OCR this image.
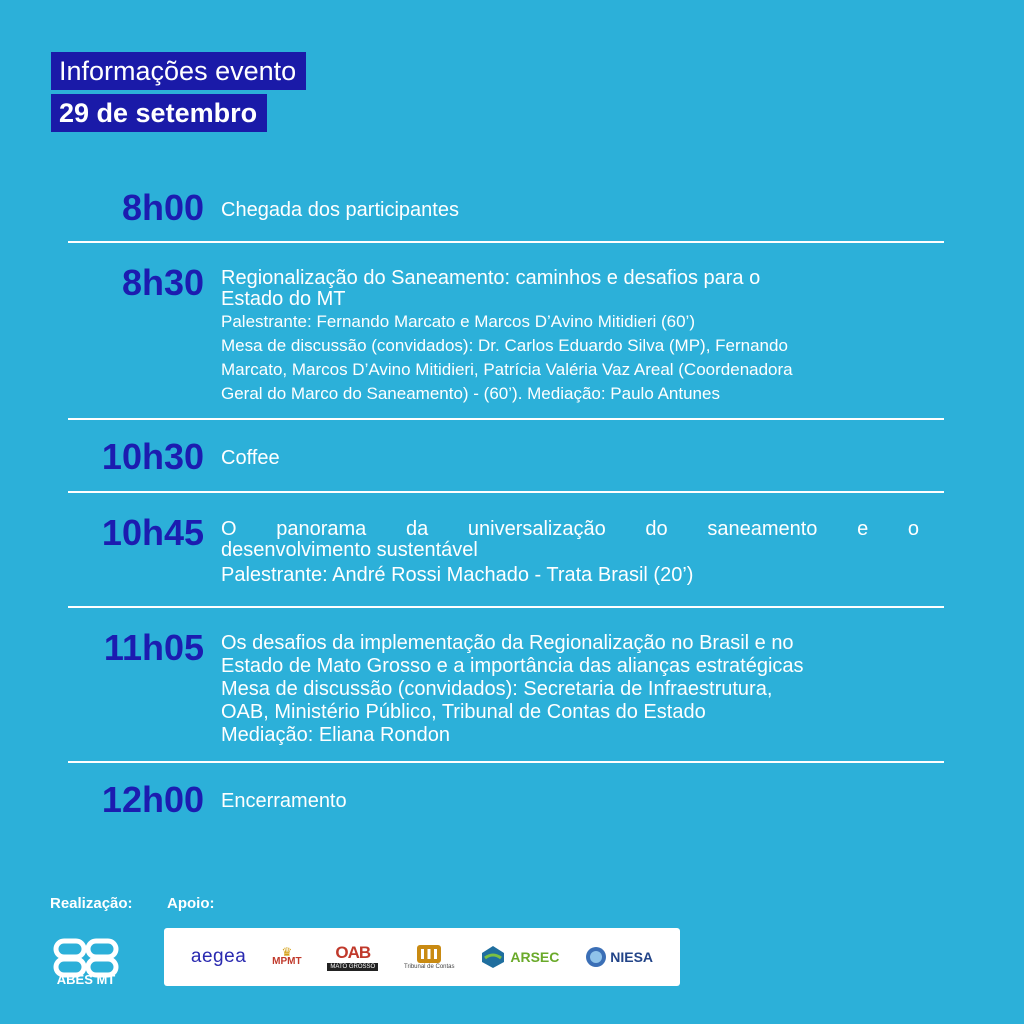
Informações evento
29 de setembro
8h00 Chegada dos participantes
8h30 Regionalização do Saneamento: caminhos e desafios para o
Estado do MT
Palestrante: Fernando Marcato e Marcos D’Avino Mitidieri (60’)
Mesa de discussão (convidados): Dr. Carlos Eduardo Silva (MP), Fernando
Marcato, Marcos D’Avino Mitidieri, Patrícia Valéria Vaz Areal (Coordenadora
Geral do Marco do Saneamento) - (60’). Mediação: Paulo Antunes
10h30 Coffee
10h45 O panorama da universalização do saneamento e o
desenvolvimento sustentável
Palestrante: André Rossi Machado - Trata Brasil (20’)
11h05 Os desafios da implementação da Regionalização no Brasil e no
Estado de Mato Grosso e a importância das alianças estratégicas
Mesa de discussão (convidados): Secretaria de Infraestrutura,
OAB, Ministério Público, Tribunal de Contas do Estado
Mediação: Eliana Rondon
12h00 Encerramento
Realização: Apoio:
ABES MT
aegea	♛
MPMT OAB
MATO GROSSO	Tribunal de Contas
ARSEC	NIESA
